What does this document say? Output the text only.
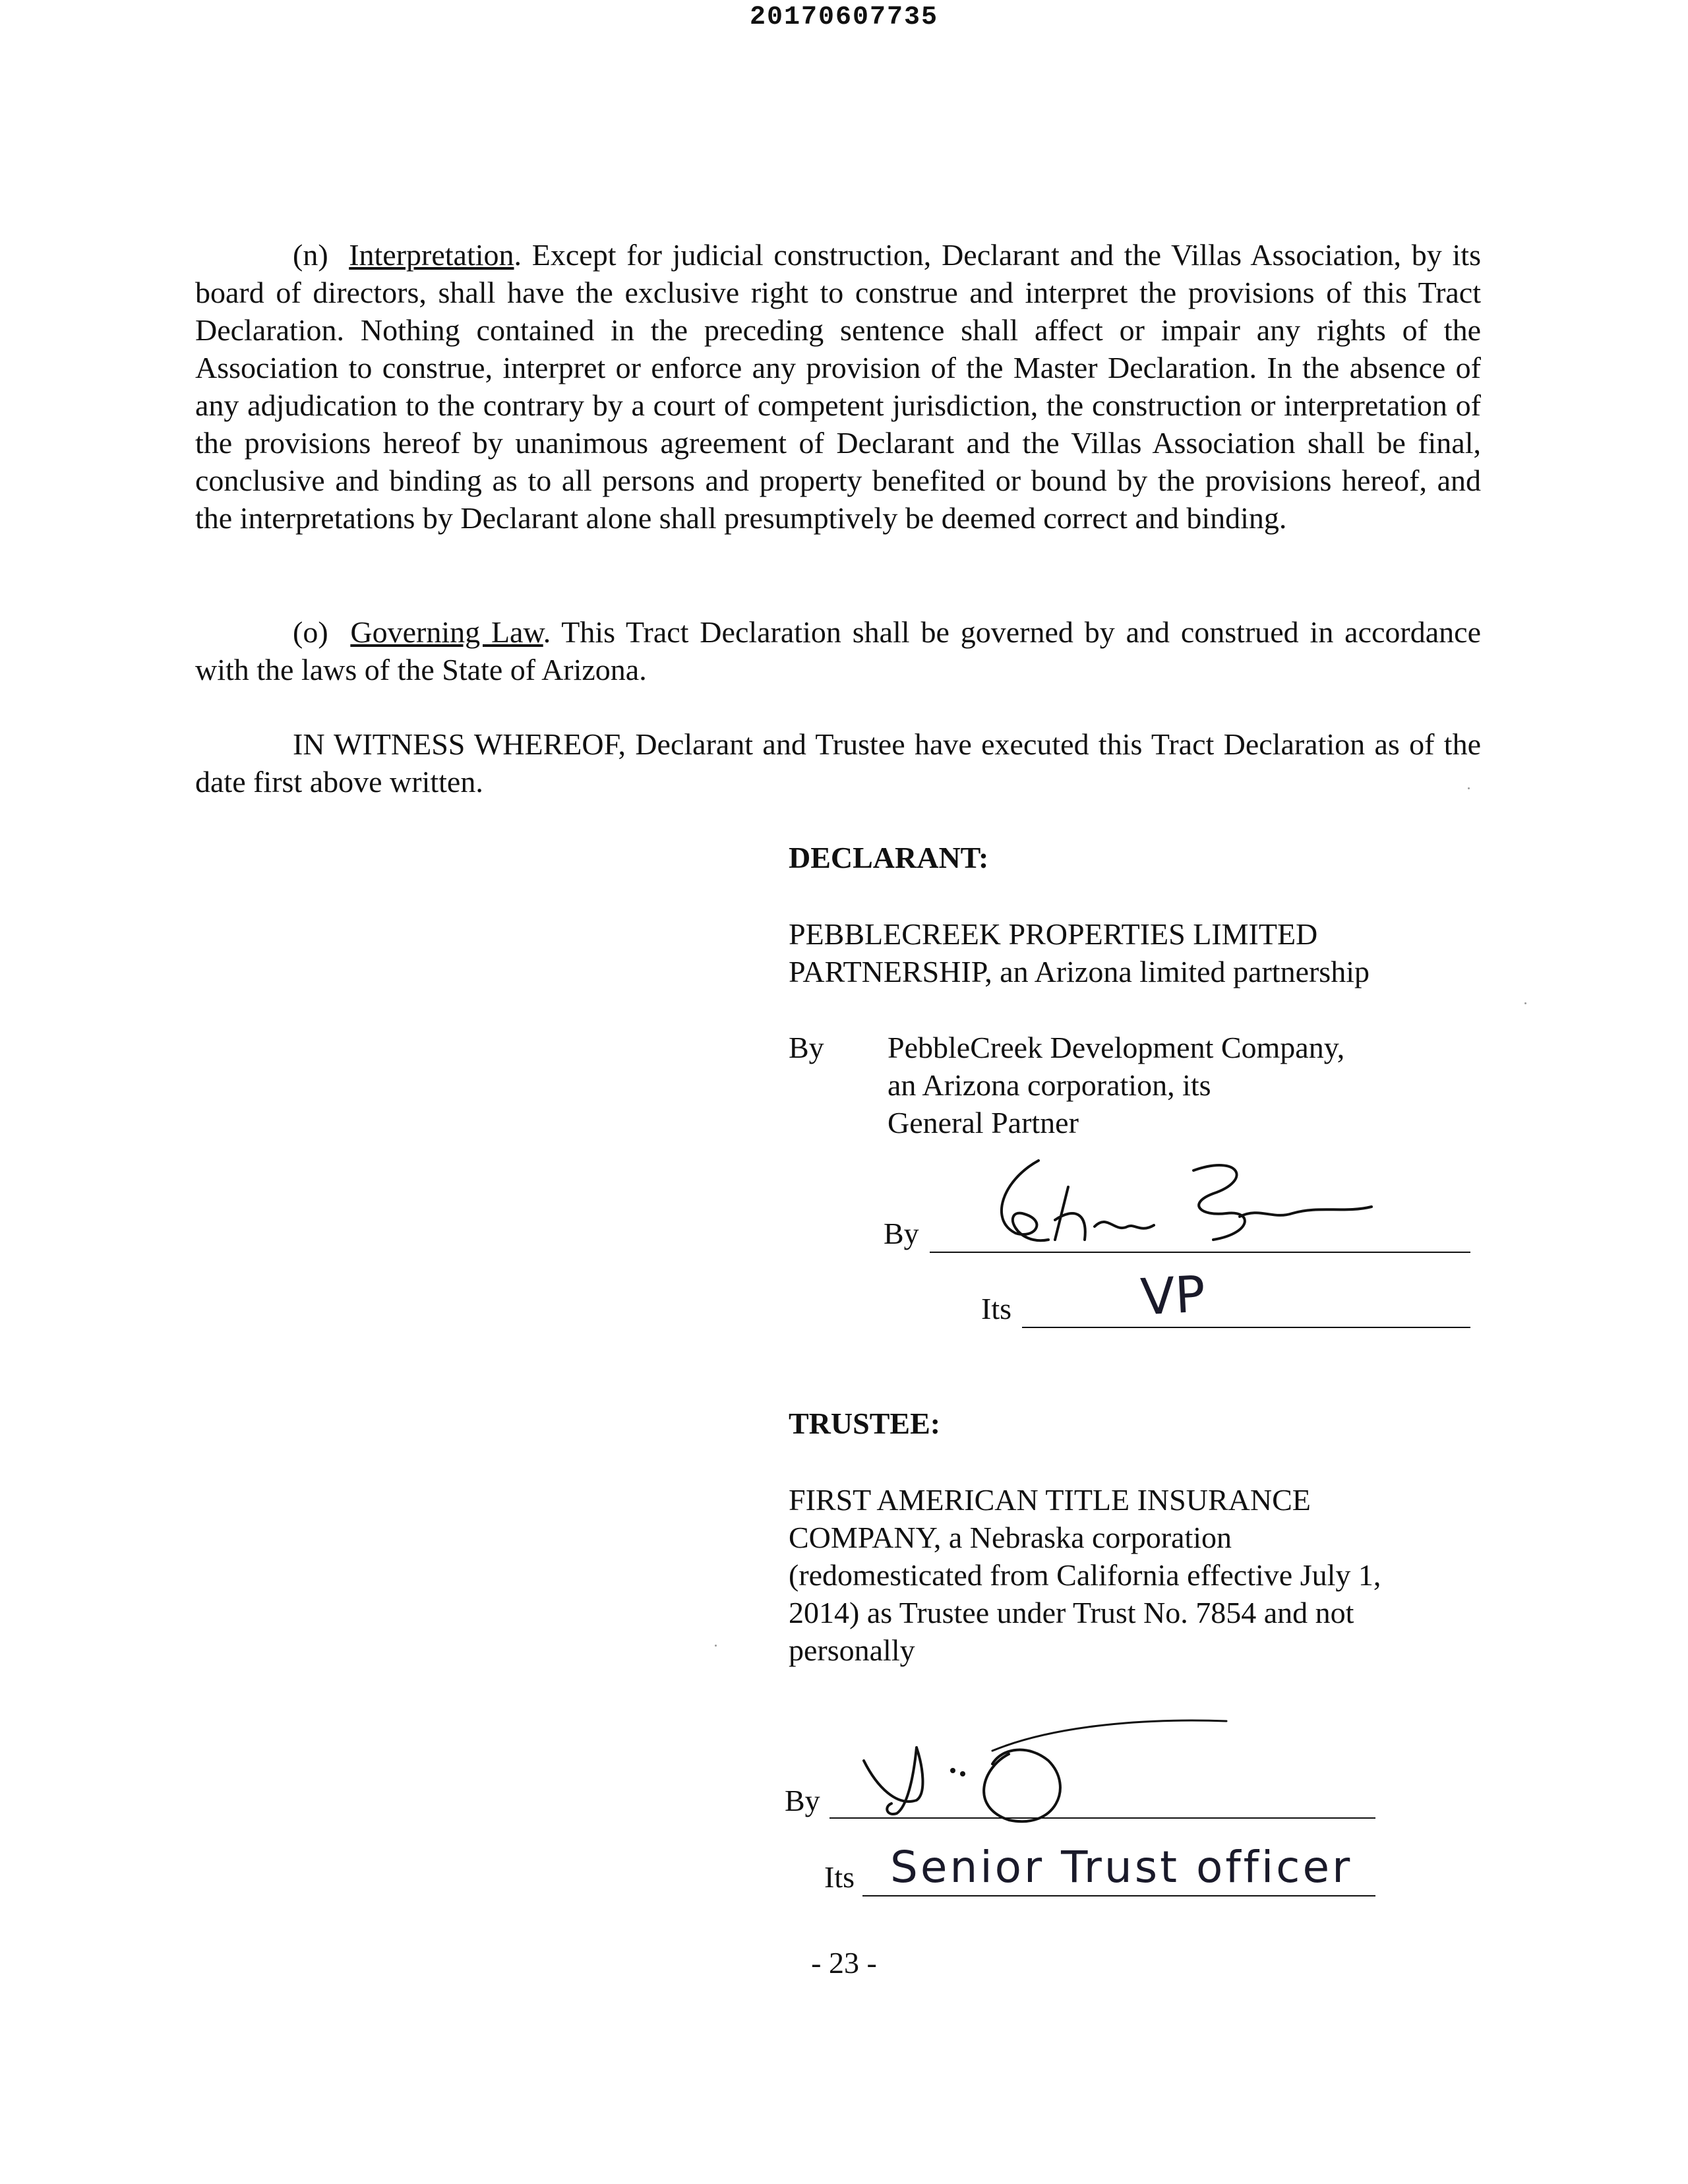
20170607735

(n) Interpretation. Except for judicial construction, Declarant and the Villas Association, by its board of directors, shall have the exclusive right to construe and interpret the provisions of this Tract Declaration. Nothing contained in the preceding sentence shall affect or impair any rights of the Association to construe, interpret or enforce any provision of the Master Declaration. In the absence of any adjudication to the contrary by a court of competent jurisdiction, the construction or interpretation of the provisions hereof by unanimous agreement of Declarant and the Villas Association shall be final, conclusive and binding as to all persons and property benefited or bound by the provisions hereof, and the interpretations by Declarant alone shall presumptively be deemed correct and binding.

(o) Governing Law. This Tract Declaration shall be governed by and construed in accordance with the laws of the State of Arizona.

IN WITNESS WHEREOF, Declarant and Trustee have executed this Tract Declaration as of the date first above written.

DECLARANT:
PEBBLECREEK PROPERTIES LIMITED
PARTNERSHIP, an Arizona limited partnership
By PebbleCreek Development Company,
an Arizona corporation, its
General Partner
By
Its	VP
TRUSTEE:
FIRST AMERICAN TITLE INSURANCE
COMPANY, a Nebraska corporation
(redomesticated from California effective July 1,
2014) as Trustee under Trust No. 7854 and not
personally
By
Its Senior Trust officer
- 23 -
